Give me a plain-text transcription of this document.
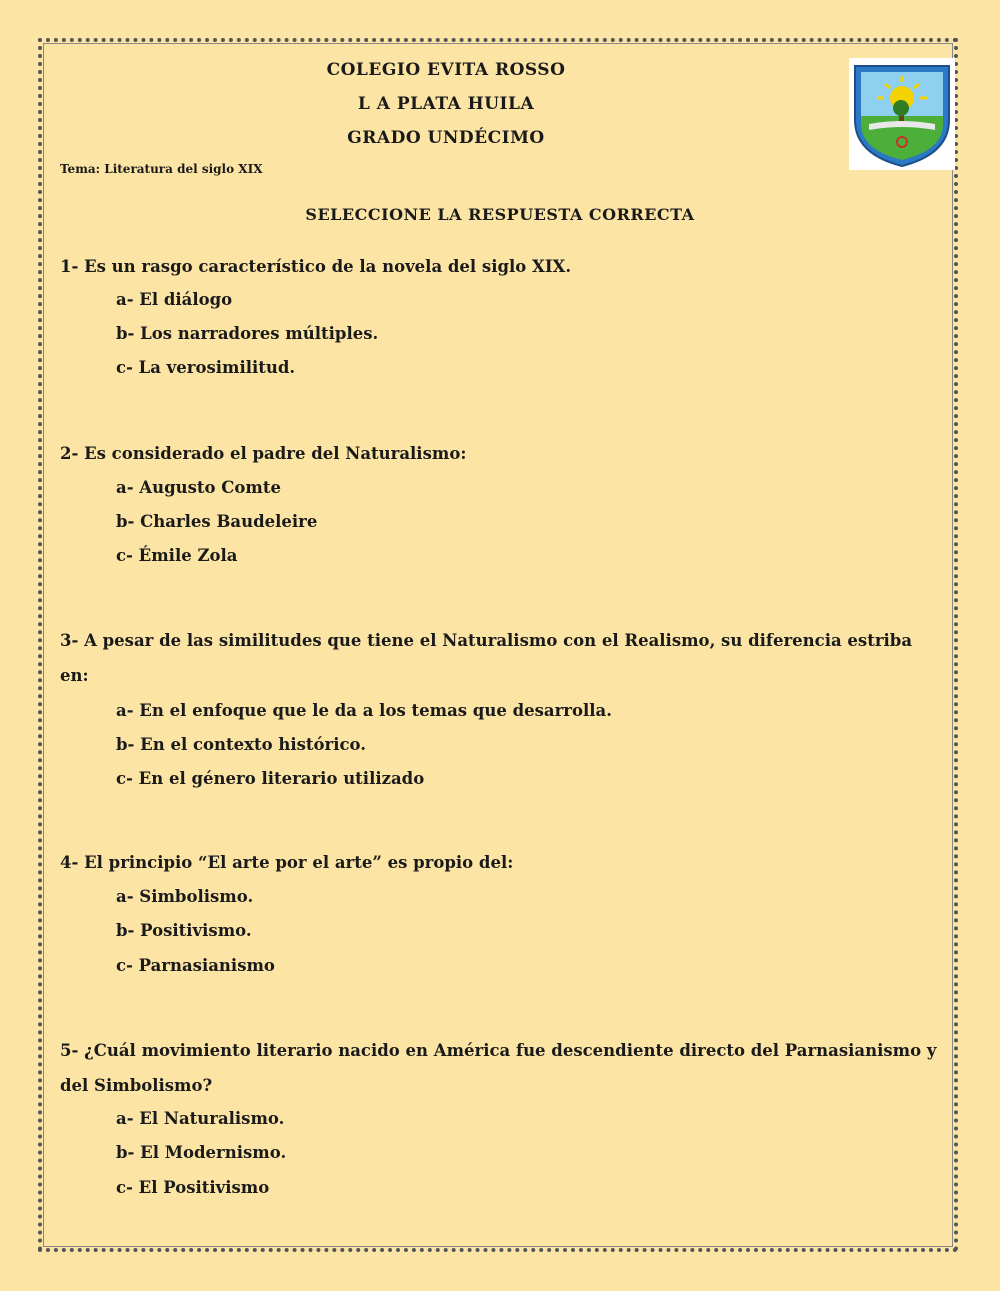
COLEGIO EVITA ROSSO
L A PLATA HUILA
GRADO UNDÉCIMO
Tema: Literatura del siglo XIX
SELECCIONE LA RESPUESTA CORRECTA

1- Es un rasgo característico de la novela del siglo XIX.

a- El diálogo
b- Los narradores múltiples.
c- La verosimilitud.

2- Es considerado el padre del Naturalismo:

a- Augusto Comte
b- Charles Baudeleire
c- Émile Zola

3- A pesar de las similitudes que tiene el Naturalismo con el Realismo, su diferencia estriba en:

a- En el enfoque que le da a los temas que desarrolla.
b- En el contexto histórico.
c- En el género literario utilizado

4- El principio “El arte por el arte” es propio del:

a- Simbolismo.
b- Positivismo.
c- Parnasianismo

5- ¿Cuál movimiento literario nacido en América fue descendiente directo del Parnasianismo y del Simbolismo?

a- El Naturalismo.
b- El Modernismo.
c- El Positivismo
